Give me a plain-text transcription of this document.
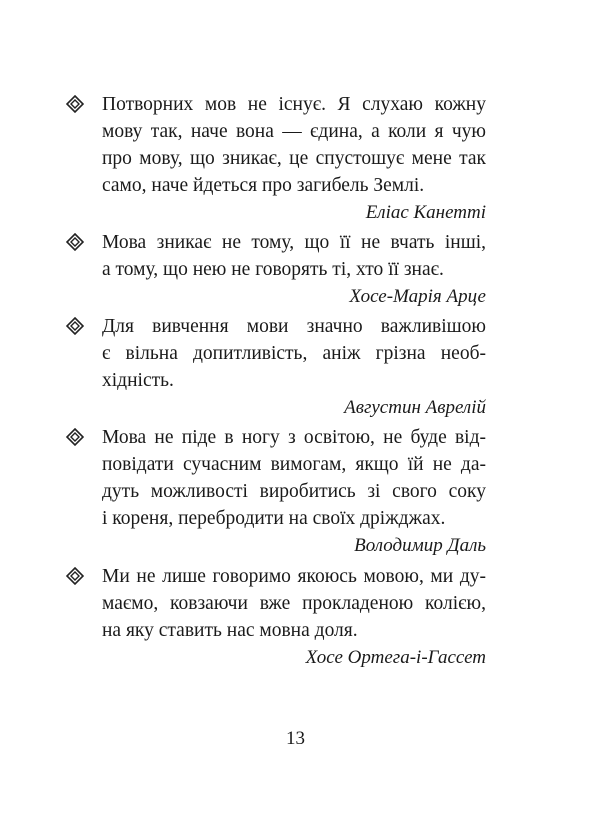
Потворних мов не існує. Я слухаю кожну
мову так, наче вона — єдина, а коли я чую
про мову, що зникає, це спустошує мене так
само, наче йдеться про загибель Землі.
Еліас Канетті
Мова зникає не тому, що її не вчать інші,
а тому, що нею не говорять ті, хто її знає.
Хосе-Марія Арце
Для вивчення мови значно важливішою
є вільна допитливість, аніж грізна необ-
хідність.
Августин Аврелій
Мова не піде в ногу з освітою, не буде від-
повідати сучасним вимогам, якщо їй не да-
дуть можливості виробитись зі свого соку
і кореня, перебродити на своїх дріжджах.
Володимир Даль
Ми не лише говоримо якоюсь мовою, ми ду-
маємо, ковзаючи вже прокладеною колією,
на яку ставить нас мовна доля.
Хосе Ортега-і-Гассет
13
